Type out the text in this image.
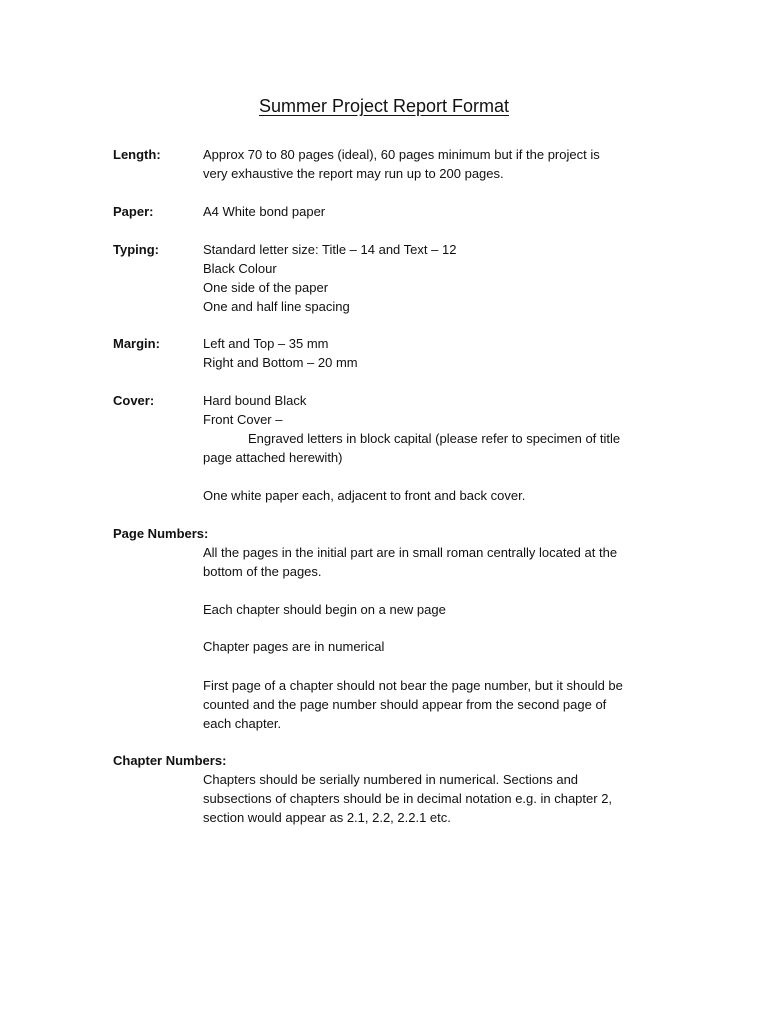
Summer Project Report Format
Length:	Approx 70 to 80 pages (ideal), 60 pages minimum but if the project is
very exhaustive the report may run up to 200 pages.
Paper:	A4 White bond paper
Typing:	Standard letter size: Title – 14 and Text – 12
Black Colour
One side of the paper
One and half line spacing
Margin:	Left and Top – 35 mm
Right and Bottom – 20 mm
Cover:	Hard bound Black
Front Cover –
Engraved letters in block capital (please refer to specimen of title
page attached herewith)
One white paper each, adjacent to front and back cover.
Page Numbers:
All the pages in the initial part are in small roman centrally located at the
bottom of the pages.
Each chapter should begin on a new page
Chapter pages are in numerical
First page of a chapter should not bear the page number, but it should be
counted and the page number should appear from the second page of
each chapter.
Chapter Numbers:
Chapters should be serially numbered in numerical. Sections and
subsections of chapters should be in decimal notation e.g. in chapter 2,
section would appear as 2.1, 2.2, 2.2.1 etc.
